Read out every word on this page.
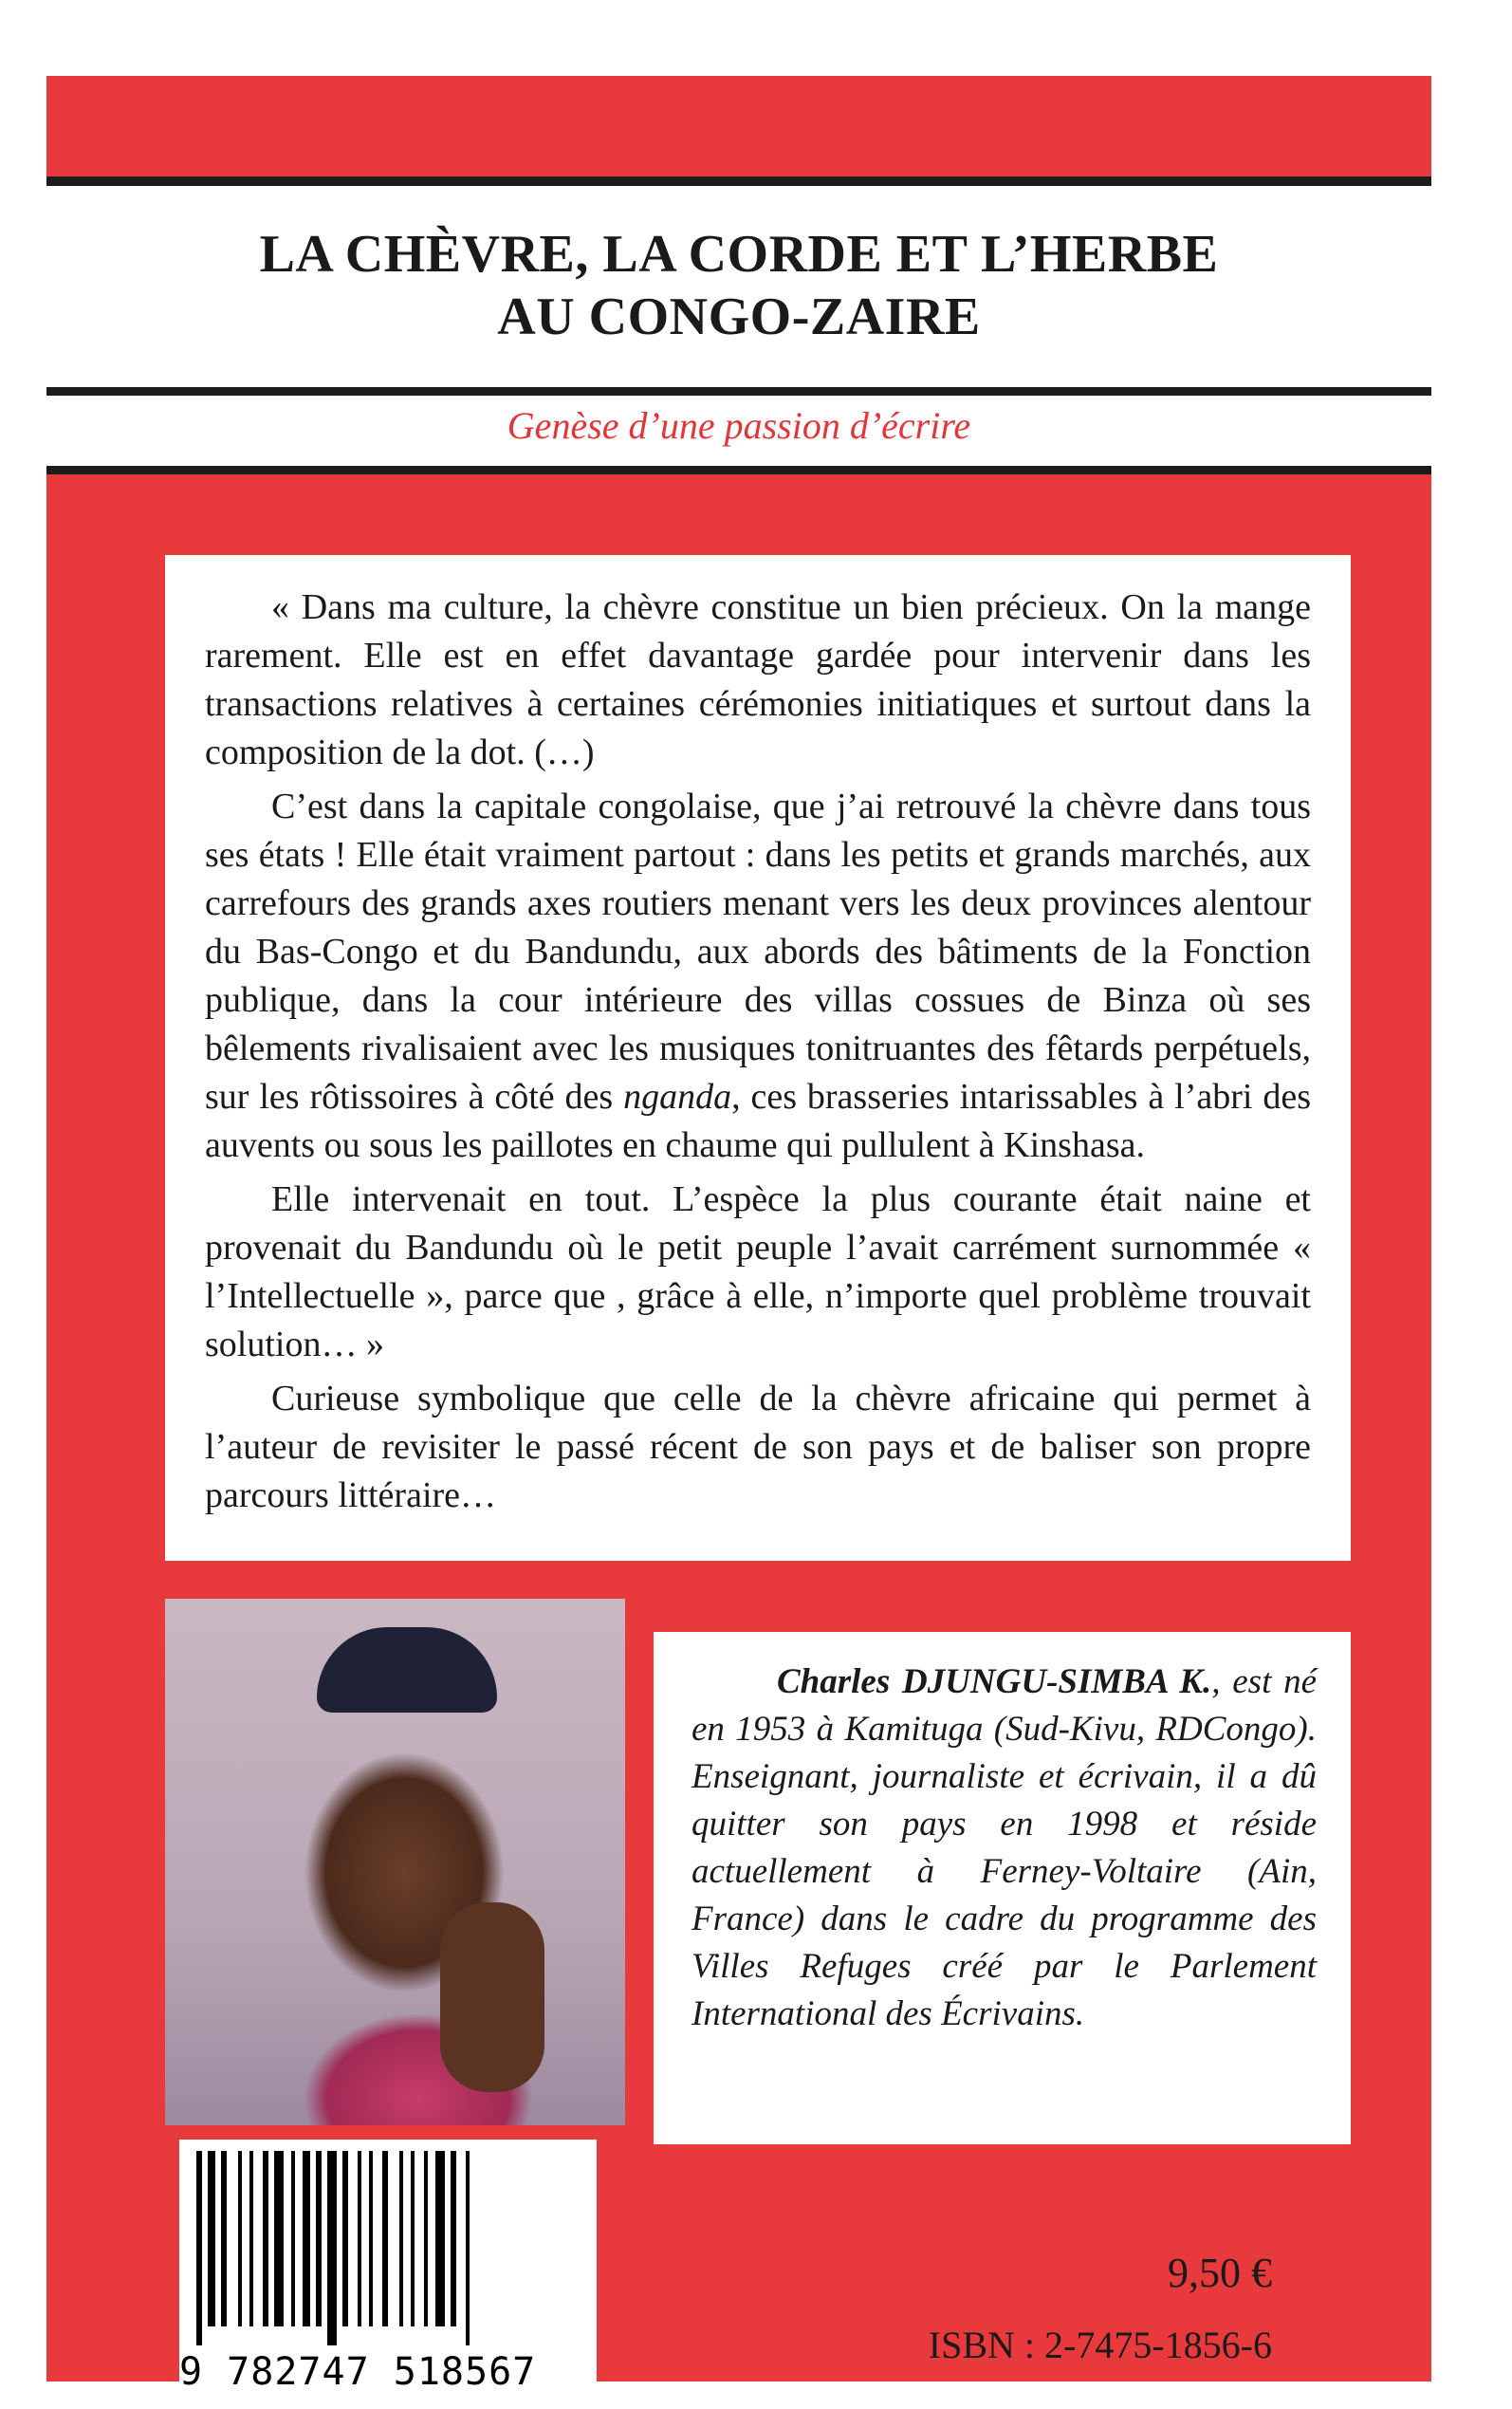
LA CHÈVRE, LA CORDE ET L’HERBE
AU CONGO-ZAIRE
Genèse d’une passion d’écrire

« Dans ma culture, la chèvre constitue un bien précieux. On la mange rarement. Elle est en effet davantage gardée pour intervenir dans les transactions relatives à certaines cérémonies initiatiques et surtout dans la composition de la dot. (…)

C’est dans la capitale congolaise, que j’ai retrouvé la chèvre dans tous ses états ! Elle était vraiment partout : dans les petits et grands marchés, aux carrefours des grands axes routiers menant vers les deux provinces alentour du Bas-Congo et du Bandundu, aux abords des bâtiments de la Fonction publique, dans la cour intérieure des villas cossues de Binza où ses bêlements rivalisaient avec les musiques tonitruantes des fêtards perpétuels, sur les rôtissoires à côté des nganda, ces brasseries intarissables à l’abri des auvents ou sous les paillotes en chaume qui pullulent à Kinshasa.

Elle intervenait en tout. L’espèce la plus courante était naine et provenait du Bandundu où le petit peuple l’avait carrément surnommée « l’Intellectuelle », parce que , grâce à elle, n’importe quel problème trouvait solution… »

Curieuse symbolique que celle de la chèvre africaine qui permet à l’auteur de revisiter le passé récent de son pays et de baliser son propre parcours littéraire…

Charles DJUNGU-SIMBA K., est né en 1953 à Kamituga (Sud-Kivu, RDCongo). Enseignant, journaliste et écrivain, il a dû quitter son pays en 1998 et réside actuellement à Ferney-Voltaire (Ain, France) dans le cadre du programme des Villes Refuges créé par le Parlement International des Écrivains.

9 782747 518567
9,50 €
ISBN : 2-7475-1856-6
